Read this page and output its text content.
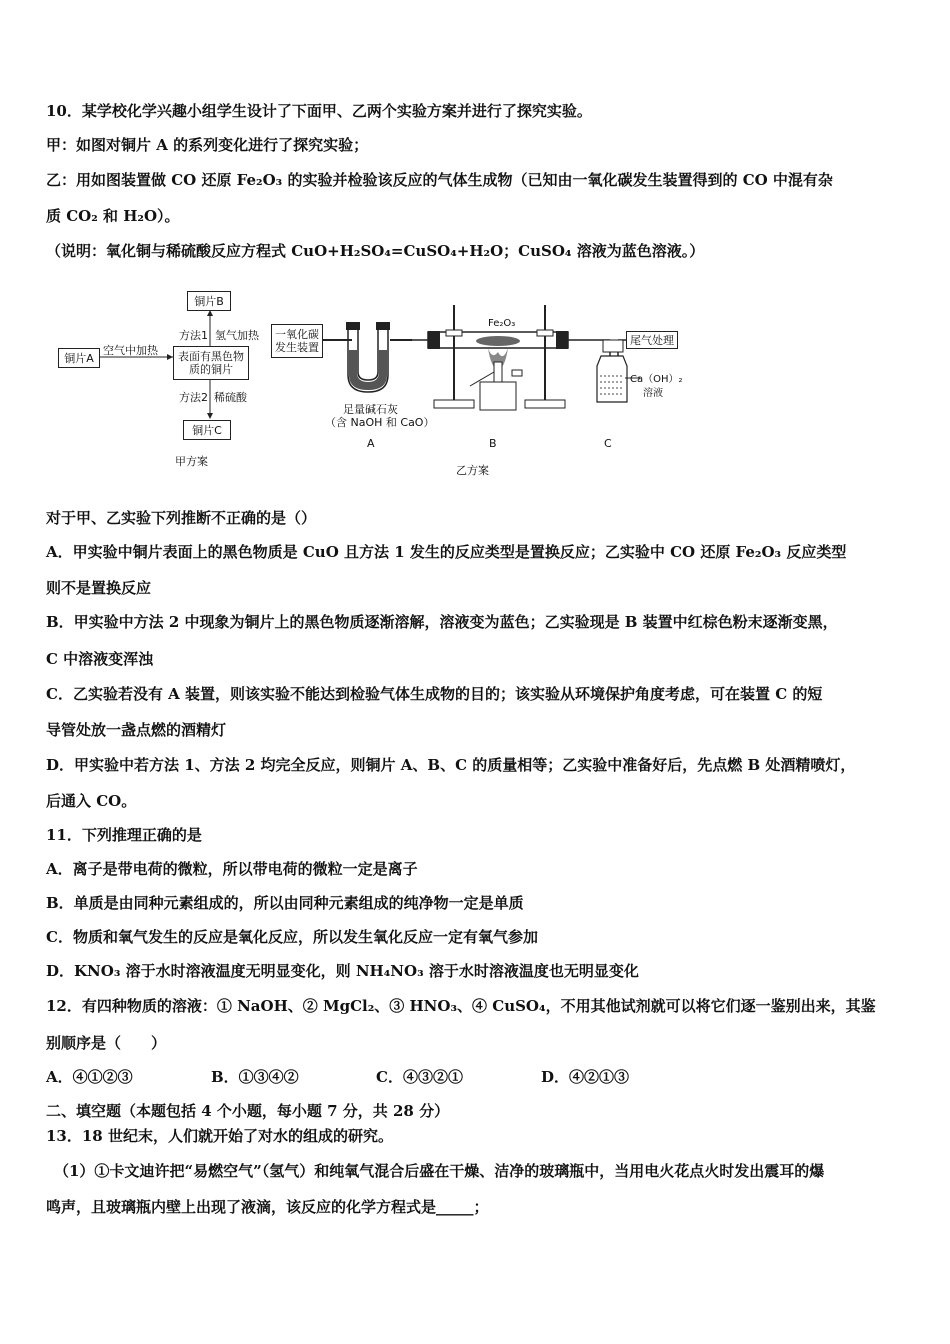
10．某学校化学兴趣小组学生设计了下面甲、乙两个实验方案并进行了探究实验。
甲：如图对铜片 A 的系列变化进行了探究实验；
乙：用如图装置做 CO 还原 Fe₂O₃ 的实验并检验该反应的气体生成物（已知由一氧化碳发生装置得到的 CO 中混有杂
质 CO₂ 和 H₂O）。
（说明：氧化铜与稀硫酸反应方程式 CuO+H₂SO₄=CuSO₄+H₂O；CuSO₄ 溶液为蓝色溶液。）
铜片A
空气中加热	表面有黑色物质的铜片
方法1 氢气加热
铜片B
方法2 稀硫酸
铜片C
甲方案
一氧化碳发生装置
足量碱石灰
（含 NaOH 和 CaO）
Fe₂O₃
尾气处理
Ca（OH）₂
溶液
A	B	C
乙方案
对于甲、乙实验下列推断不正确的是（）
A．甲实验中铜片表面上的黑色物质是 CuO 且方法 1 发生的反应类型是置换反应；乙实验中 CO 还原 Fe₂O₃ 反应类型
则不是置换反应
B．甲实验中方法 2 中现象为铜片上的黑色物质逐渐溶解，溶液变为蓝色；乙实验现是 B 装置中红棕色粉末逐渐变黑，
C 中溶液变浑浊
C．乙实验若没有 A 装置，则该实验不能达到检验气体生成物的目的；该实验从环境保护角度考虑，可在装置 C 的短
导管处放一盏点燃的酒精灯
D．甲实验中若方法 1、方法 2 均完全反应，则铜片 A、B、C 的质量相等；乙实验中准备好后，先点燃 B 处酒精喷灯，
后通入 CO。
11．下列推理正确的是
A．离子是带电荷的微粒，所以带电荷的微粒一定是离子
B．单质是由同种元素组成的，所以由同种元素组成的纯净物一定是单质
C．物质和氧气发生的反应是氧化反应，所以发生氧化反应一定有氧气参加
D．KNO₃ 溶于水时溶液温度无明显变化，则 NH₄NO₃ 溶于水时溶液温度也无明显变化
12．有四种物质的溶液：① NaOH、② MgCl₂、③ HNO₃、④ CuSO₄，不用其他试剂就可以将它们逐一鉴别出来，其鉴
别顺序是（　　）
A．④①②③	B．①③④②	C．④③②①	D．④②①③
二、填空题（本题包括 4 个小题，每小题 7 分，共 28 分）
13．18 世纪末，人们就开始了对水的组成的研究。
（1）①卡文迪许把“易燃空气”（氢气）和纯氧气混合后盛在干燥、洁净的玻璃瓶中，当用电火花点火时发出震耳的爆
鸣声，且玻璃瓶内壁上出现了液滴，该反应的化学方程式是_____；
